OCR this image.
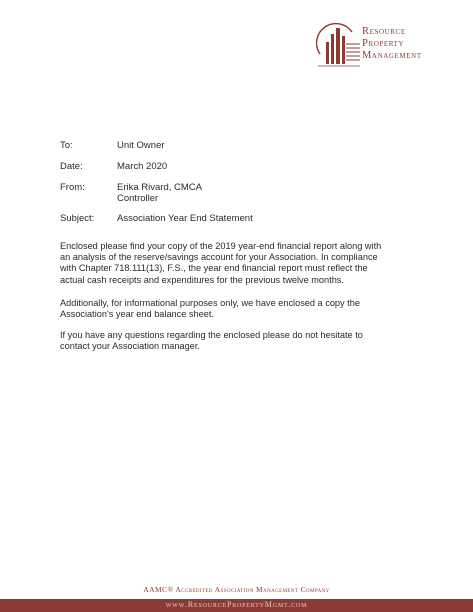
Resource
Property
Management
To:	Unit Owner
Date:	March 2020
From:	Erika Rivard, CMCA
Controller
Subject:	Association Year End Statement
Enclosed please find your copy of the 2019 year-end financial report along with
an analysis of the reserve/savings account for your Association. In compliance
with Chapter 718.111(13), F.S., the year end financial report must reflect the
actual cash receipts and expenditures for the previous twelve months.
Additionally, for informational purposes only, we have enclosed a copy the
Association's year end balance sheet.
If you have any questions regarding the enclosed please do not hesitate to
contact your Association manager.
AAMC® Accredited Association Management Company
www.ResourcePropertyMgmt.com
